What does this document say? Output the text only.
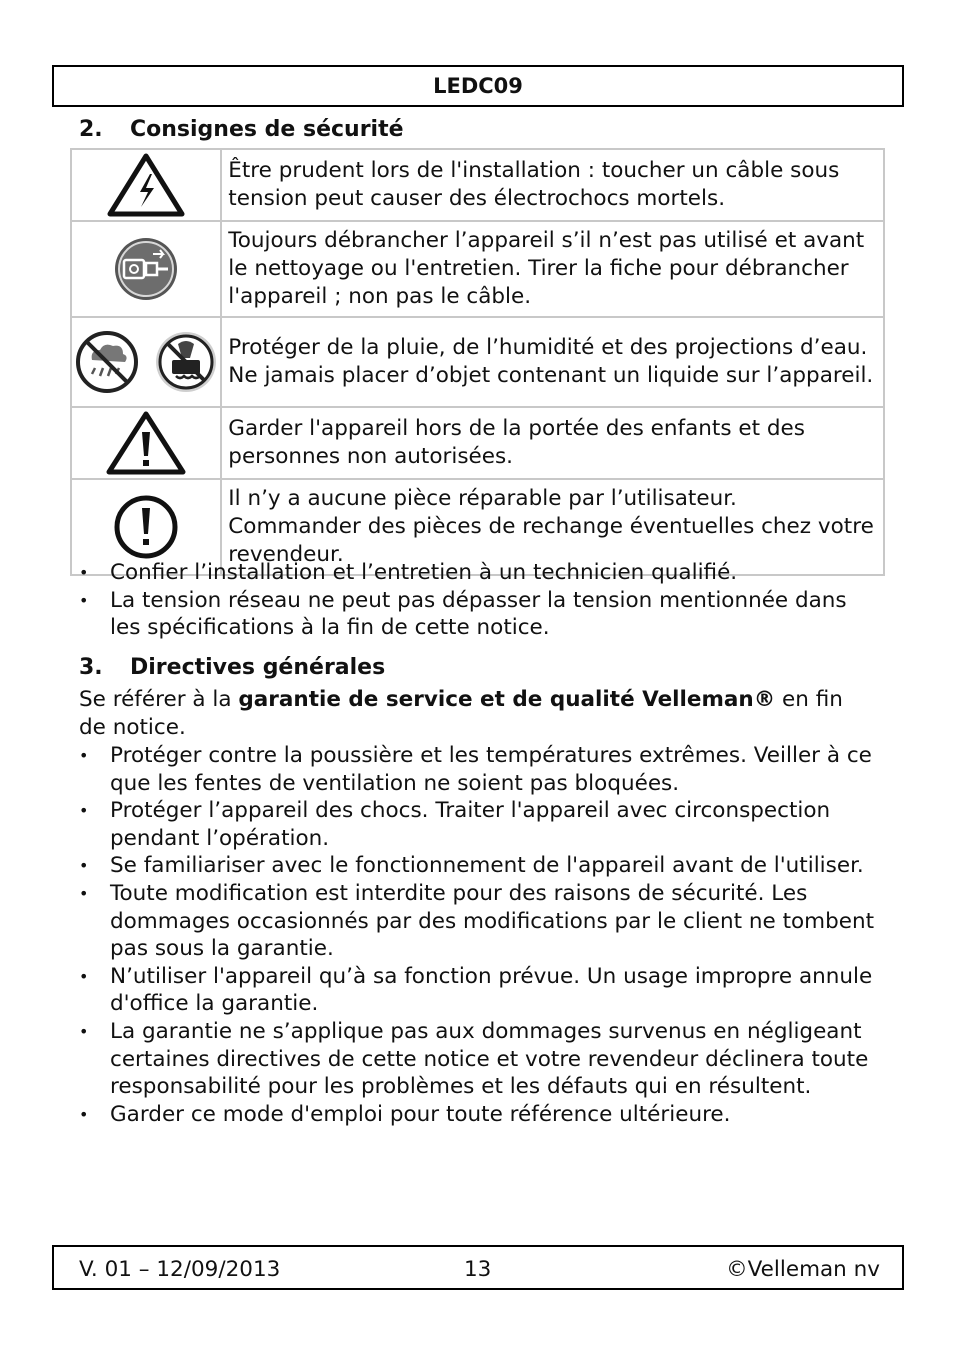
LEDC09
2. Consignes de sécurité
	Être prudent lors de l'installation : toucher un câble sous tension peut causer des électrochocs mortels.

	Toujours débrancher l’appareil s’il n’est pas utilisé et avant le nettoyage ou l'entretien. Tirer la fiche pour débrancher l'appareil ; non pas le câble.

	Protéger de la pluie, de l’humidité et des projections d’eau. Ne jamais placer d’objet contenant un liquide sur l’appareil.

	Garder l'appareil hors de la portée des enfants et des personnes non autorisées.

	Il n’y a aucune pièce réparable par l’utilisateur. Commander des pièces de rechange éventuelles chez votre revendeur.
• Confier l’installation et l’entretien à un technicien qualifié.
• La tension réseau ne peut pas dépasser la tension mentionnée dans les spécifications à la fin de cette notice.
3. Directives générales
Se référer à la garantie de service et de qualité Velleman® en fin de notice.
• Protéger contre la poussière et les températures extrêmes. Veiller à ce que les fentes de ventilation ne soient pas bloquées.
• Protéger l’appareil des chocs. Traiter l'appareil avec circonspection pendant l’opération.
• Se familiariser avec le fonctionnement de l'appareil avant de l'utiliser.
• Toute modification est interdite pour des raisons de sécurité. Les dommages occasionnés par des modifications par le client ne tombent pas sous la garantie.
• N’utiliser l'appareil qu’à sa fonction prévue. Un usage impropre annule d'office la garantie.
• La garantie ne s’applique pas aux dommages survenus en négligeant certaines directives de cette notice et votre revendeur déclinera toute responsabilité pour les problèmes et les défauts qui en résultent.
• Garder ce mode d'emploi pour toute référence ultérieure.
V. 01 – 12/09/2013	13	©Velleman nv
